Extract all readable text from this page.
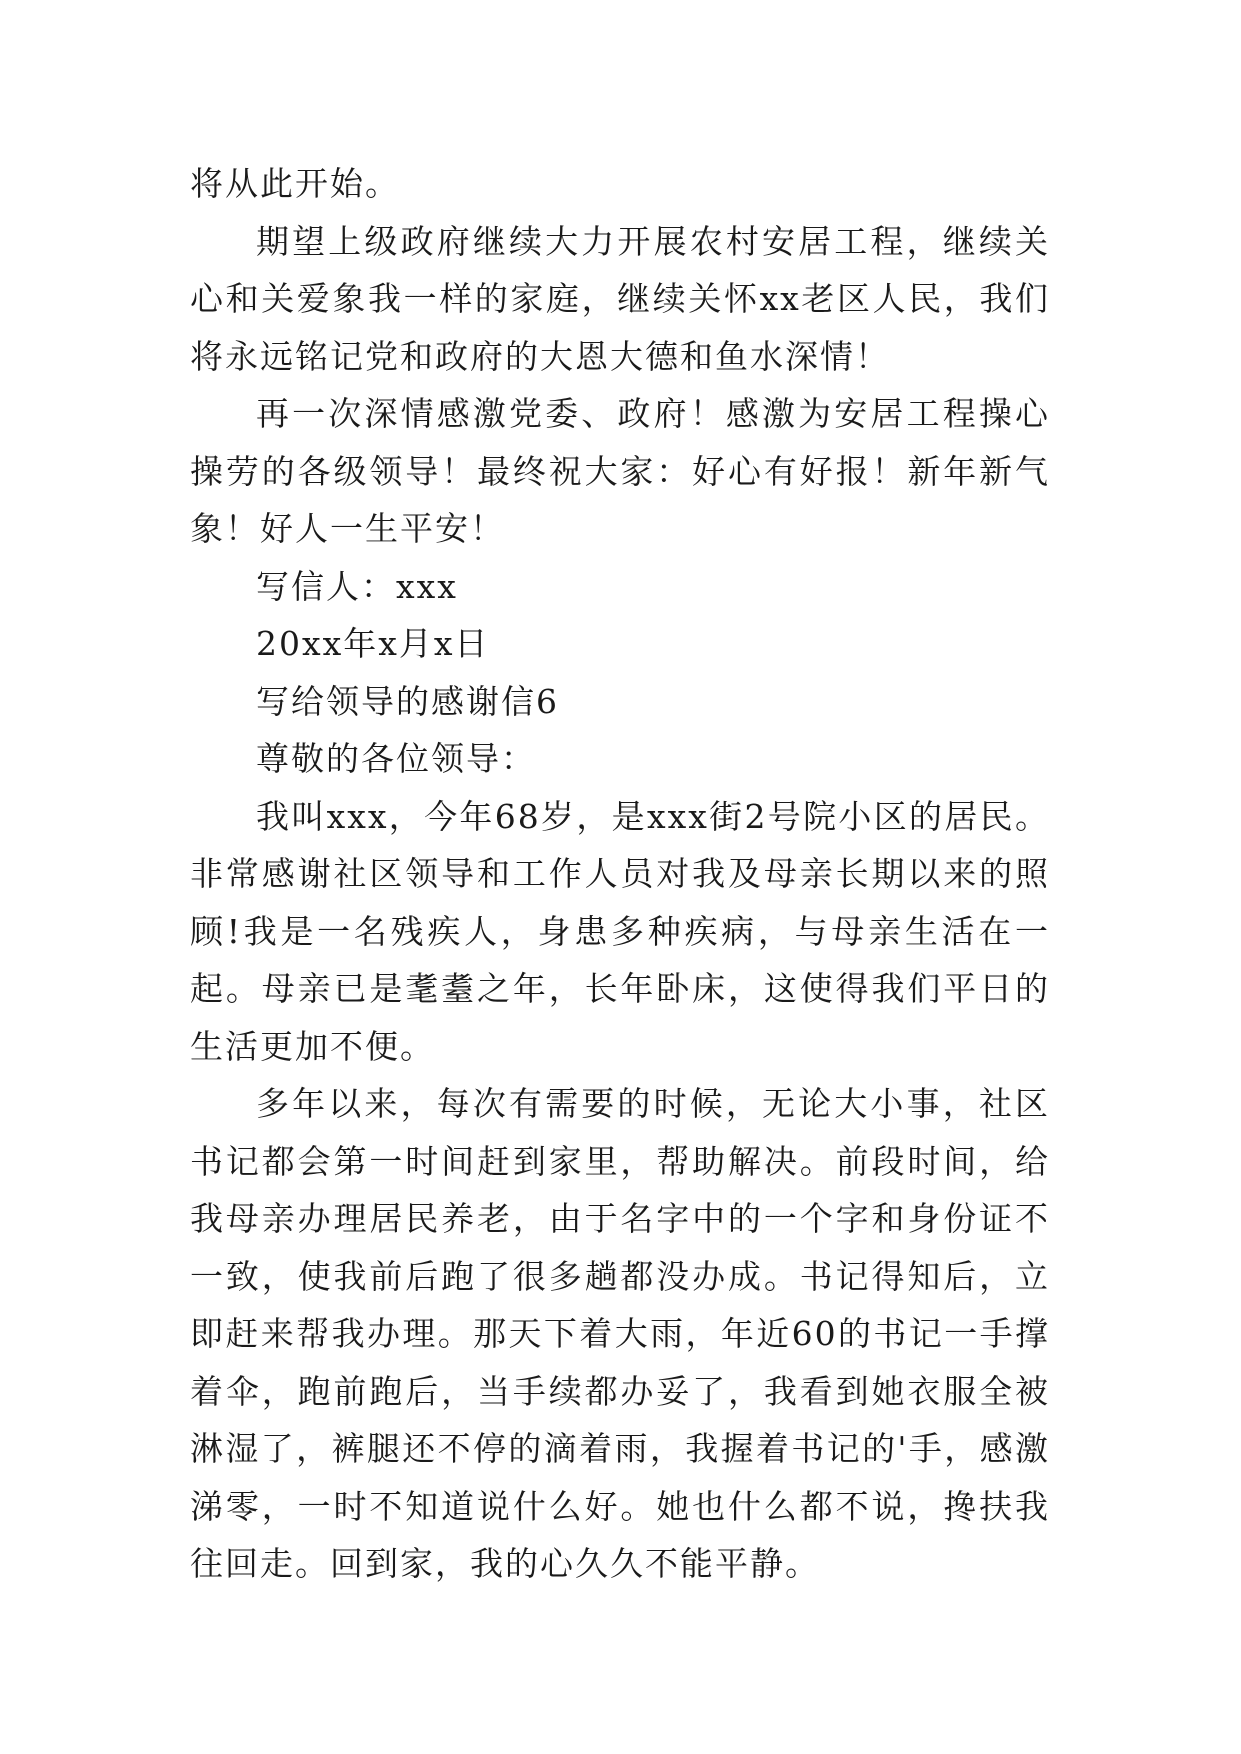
将从此开始。

期望上级政府继续大力开展农村安居工程，继续关心和关爱象我一样的家庭，继续关怀xx老区人民，我们将永远铭记党和政府的大恩大德和鱼水深情！

再一次深情感激党委、政府！感激为安居工程操心操劳的各级领导！最终祝大家：好心有好报！新年新气象！好人一生平安！

写信人：xxx

20xx年x月x日

写给领导的感谢信6

尊敬的各位领导：

我叫xxx，今年68岁，是xxx街2号院小区的居民。非常感谢社区领导和工作人员对我及母亲长期以来的照顾!我是一名残疾人，身患多种疾病，与母亲生活在一起。母亲已是耄耋之年，长年卧床，这使得我们平日的生活更加不便。

多年以来，每次有需要的时候，无论大小事，社区书记都会第一时间赶到家里，帮助解决。前段时间，给我母亲办理居民养老，由于名字中的一个字和身份证不一致，使我前后跑了很多趟都没办成。书记得知后，立即赶来帮我办理。那天下着大雨，年近60的书记一手撑着伞，跑前跑后，当手续都办妥了，我看到她衣服全被淋湿了，裤腿还不停的滴着雨，我握着书记的'手，感激涕零，一时不知道说什么好。她也什么都不说，搀扶我往回走。回到家，我的心久久不能平静。
